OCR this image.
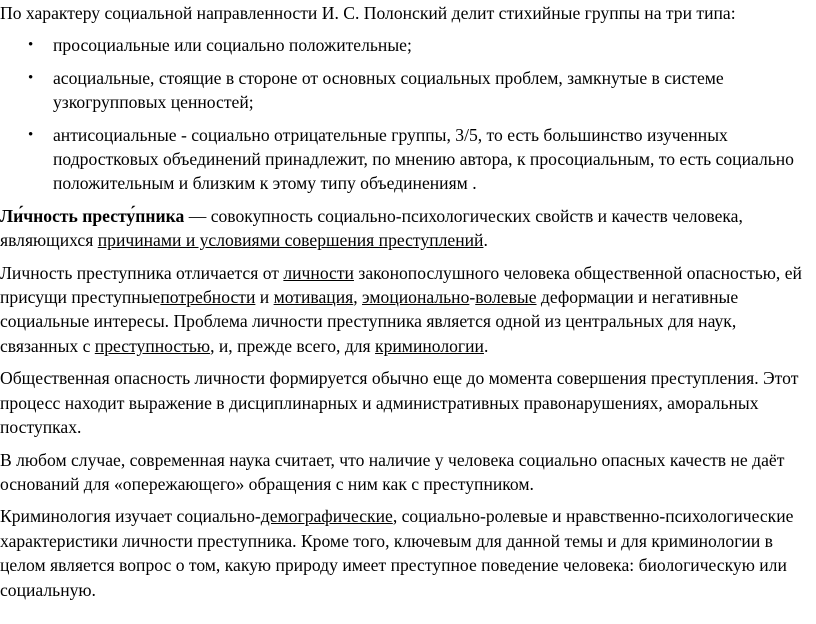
По характеру социальной направленности И. С. Полонский делит стихийные группы на три типа:

• просоциальные или социально положительные;
• асоциальные, стоящие в стороне от основных социальных проблем, замкнутые в системе узкогрупповых ценностей;
• антисоциальные - социально отрицательные группы, 3/5, то есть большинство изученных подростковых объединений принадлежит, по мнению автора, к просоциальным, то есть социально положительным и близким к этому типу объединениям .

Ли́чность престу́пника — совокупность социально-психологических свойств и качеств человека, являющихся причинами и условиями совершения преступлений.

Личность преступника отличается от личности законопослушного человека общественной опасностью, ей присущи преступныепотребности и мотивация, эмоционально-волевые деформации и негативные социальные интересы. Проблема личности преступника является одной из центральных для наук, связанных с преступностью, и, прежде всего, для криминологии.

Общественная опасность личности формируется обычно еще до момента совершения преступления. Этот процесс находит выражение в дисциплинарных и административных правонарушениях, аморальных поступках.

В любом случае, современная наука считает, что наличие у человека социально опасных качеств не даёт оснований для «опережающего» обращения с ним как с преступником.

Криминология изучает социально-демографические, социально-ролевые и нравственно-психологические характеристики личности преступника. Кроме того, ключевым для данной темы и для криминологии в целом является вопрос о том, какую природу имеет преступное поведение человека: биологическую или социальную.
